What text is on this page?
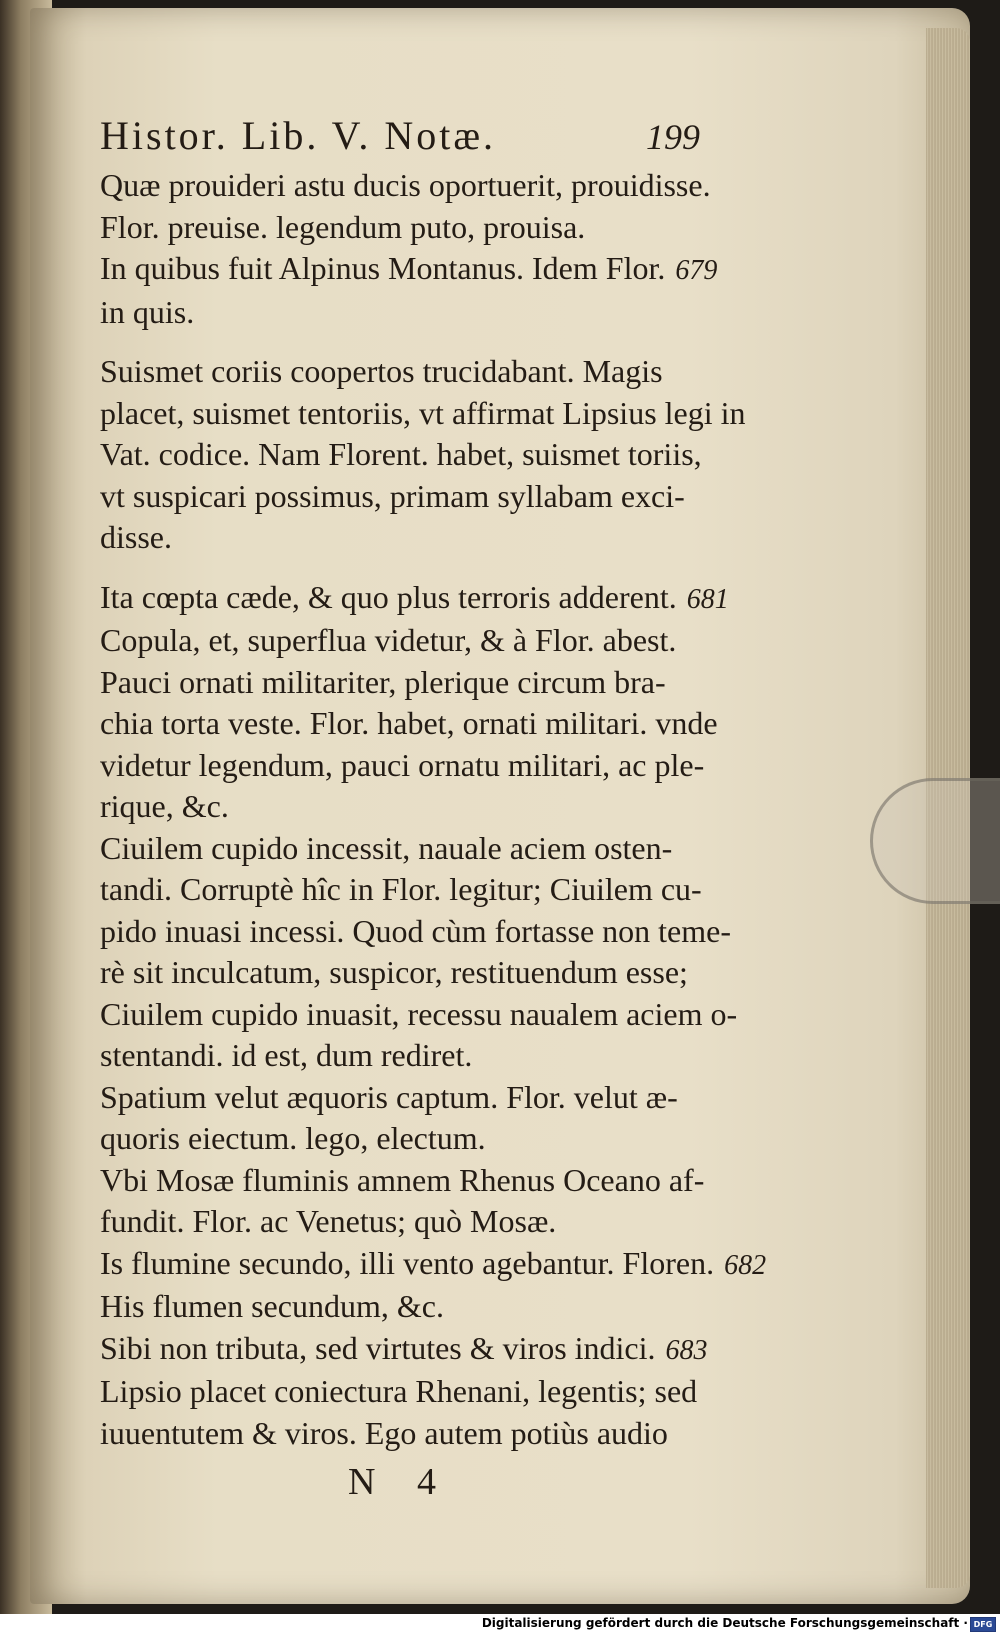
Histor. Lib. V. Notæ.	199
Quæ prouideri astu ducis oportuerit, prouidisse.
Flor. preuise. legendum puto, prouisa.
In quibus fuit Alpinus Montanus. Idem Flor. 679
in quis.
Suismet coriis coopertos trucidabant. Magis
placet, suismet tentoriis, vt affirmat Lipsius legi in
Vat. codice. Nam Florent. habet, suismet toriis,
vt suspicari possimus, primam syllabam exci-
disse.
Ita cœpta cæde, & quo plus terroris adderent. 681
Copula, et, superflua videtur, & à Flor. abest.
Pauci ornati militariter, plerique circum bra-
chia torta veste. Flor. habet, ornati militari. vnde
videtur legendum, pauci ornatu militari, ac ple-
rique, &c.
Ciuilem cupido incessit, nauale aciem osten-
tandi. Corruptè hîc in Flor. legitur; Ciuilem cu-
pido inuasi incessi. Quod cùm fortasse non teme-
rè sit inculcatum, suspicor, restituendum esse;
Ciuilem cupido inuasit, recessu naualem aciem o-
stentandi. id est, dum rediret.
Spatium velut æquoris captum. Flor. velut æ-
quoris eiectum. lego, electum.
Vbi Mosæ fluminis amnem Rhenus Oceano af-
fundit. Flor. ac Venetus; quò Mosæ.
Is flumine secundo, illi vento agebantur. Floren. 682
His flumen secundum, &c.
Sibi non tributa, sed virtutes & viros indici. 683
Lipsio placet coniectura Rhenani, legentis; sed
iuuentutem & viros. Ego autem potiùs audio
N 4
Digitalisierung gefördert durch die Deutsche Forschungsgemeinschaft · DFG
